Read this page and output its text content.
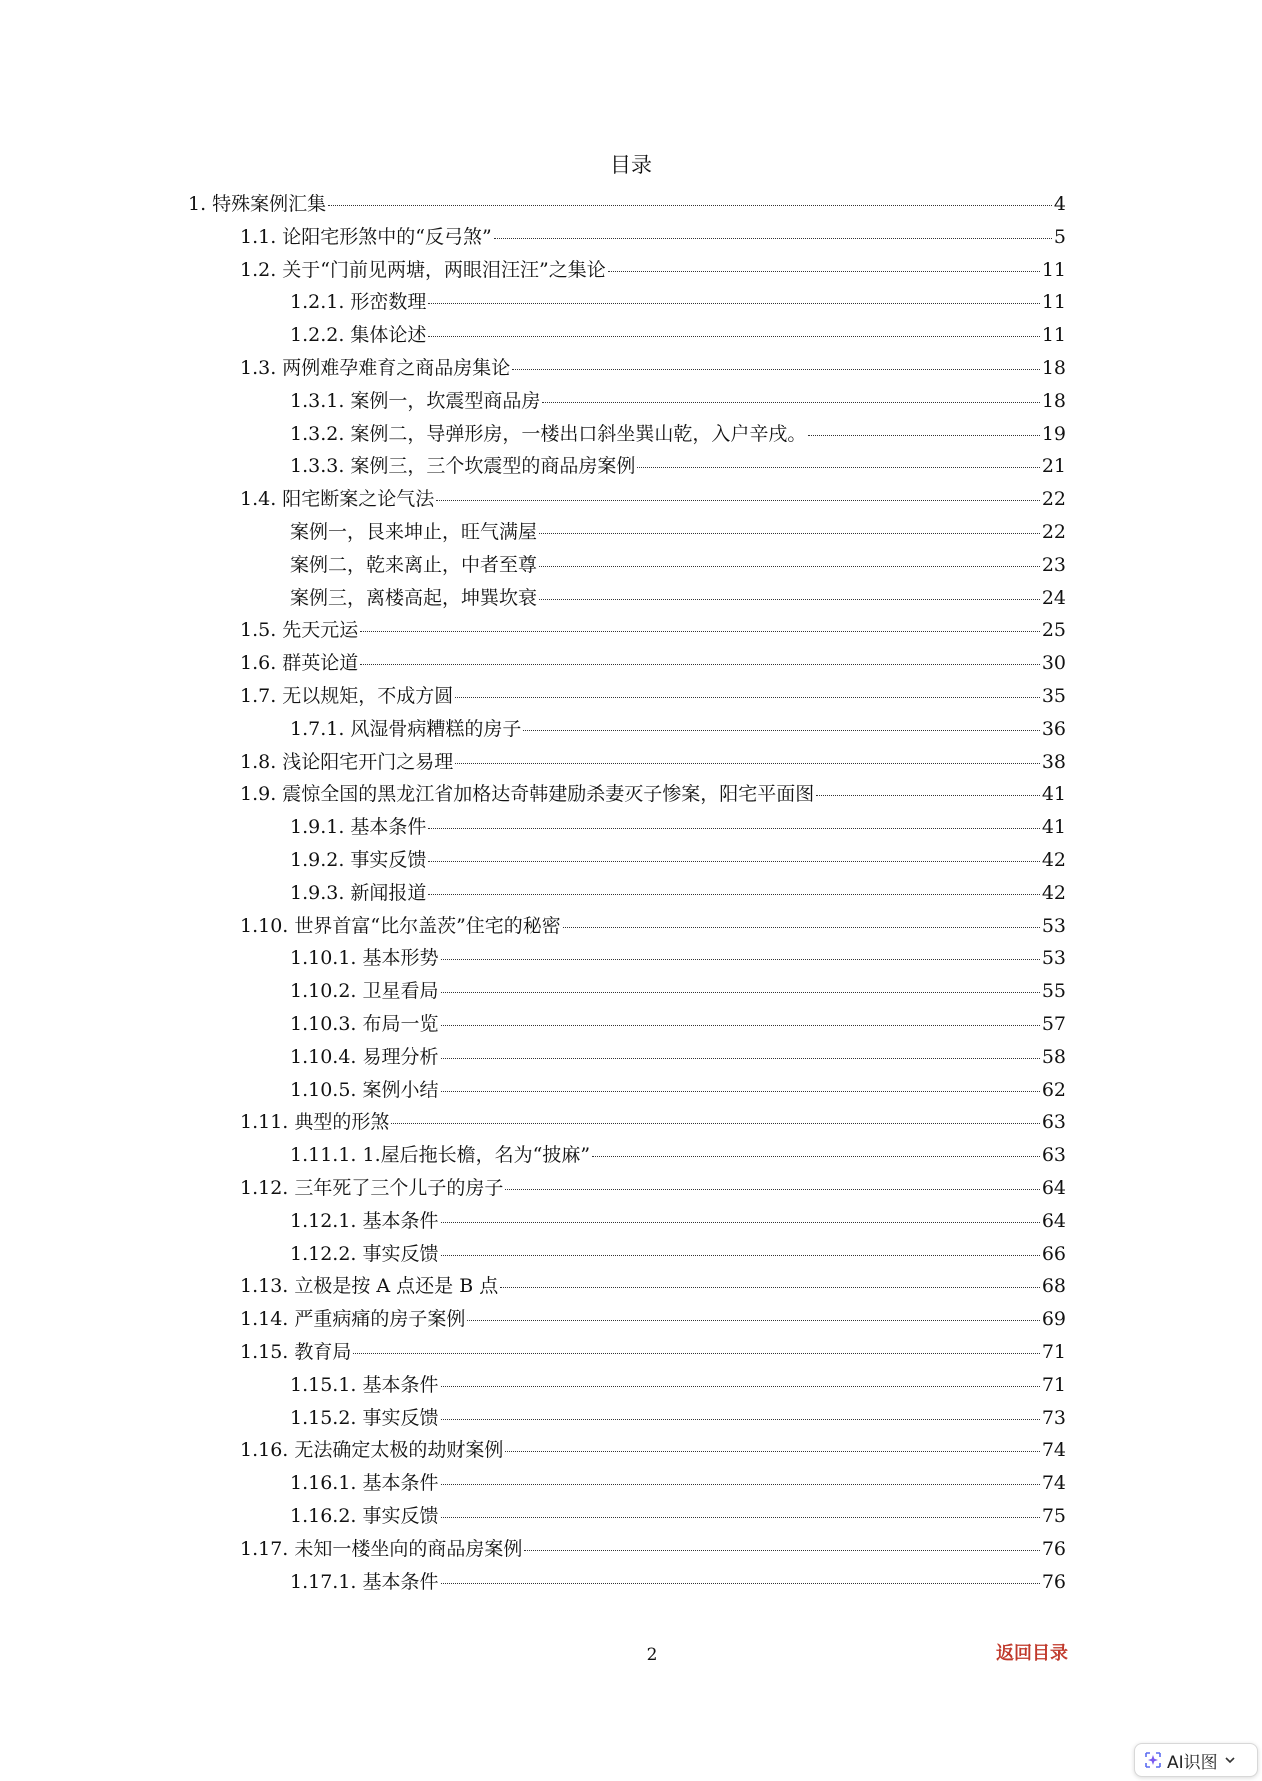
目录
1. 特殊案例汇集	4
1.1. 论阳宅形煞中的“反弓煞”	5
1.2. 关于“门前见两塘，两眼泪汪汪”之集论	11
1.2.1. 形峦数理	11
1.2.2. 集体论述	11
1.3. 两例难孕难育之商品房集论	18
1.3.1. 案例一，坎震型商品房	18
1.3.2. 案例二，导弹形房，一楼出口斜坐巽山乾，入户辛戌。	19
1.3.3. 案例三，三个坎震型的商品房案例	21
1.4. 阳宅断案之论气法	22
案例一，艮来坤止，旺气满屋	22
案例二，乾来离止，中者至尊	23
案例三，离楼高起，坤巽坎衰	24
1.5. 先天元运	25
1.6. 群英论道	30
1.7. 无以规矩，不成方圆	35
1.7.1. 风湿骨病糟糕的房子	36
1.8. 浅论阳宅开门之易理	38
1.9. 震惊全国的黑龙江省加格达奇韩建励杀妻灭子惨案，阳宅平面图	41
1.9.1. 基本条件	41
1.9.2. 事实反馈	42
1.9.3. 新闻报道	42
1.10. 世界首富“比尔盖茨”住宅的秘密	53
1.10.1. 基本形势	53
1.10.2. 卫星看局	55
1.10.3. 布局一览	57
1.10.4. 易理分析	58
1.10.5. 案例小结	62
1.11. 典型的形煞	63
1.11.1. 1.屋后拖长檐，名为“披麻”	63
1.12. 三年死了三个儿子的房子	64
1.12.1. 基本条件	64
1.12.2. 事实反馈	66
1.13. 立极是按 A 点还是 B 点	68
1.14. 严重病痛的房子案例	69
1.15. 教育局	71
1.15.1. 基本条件	71
1.15.2. 事实反馈	73
1.16. 无法确定太极的劫财案例	74
1.16.1. 基本条件	74
1.16.2. 事实反馈	75
1.17. 未知一楼坐向的商品房案例	76
1.17.1. 基本条件	76
2	返回目录
AI识图
